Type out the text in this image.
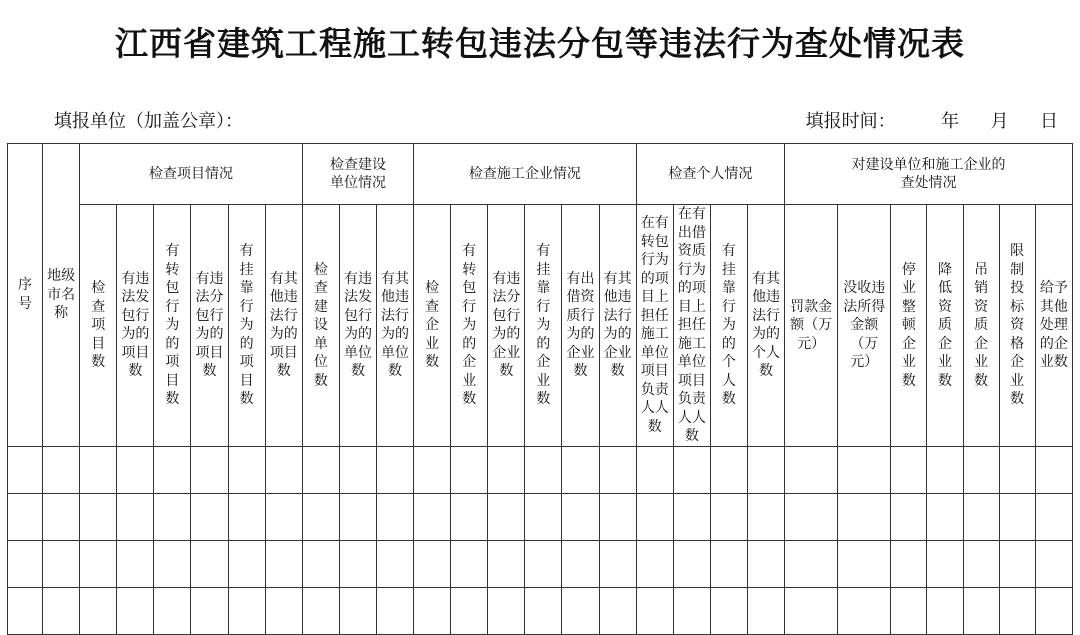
江西省建筑工程施工转包违法分包等违法行为查处情况表
填报单位（加盖公章）：	填报时间：	年 月 日
序号	地级市名称	检查项目情况						检查建设单位情况			检查施工企业情况						检查个人情况				对建设单位和施工企业的查处情况						
		检查项目数	有违法发包行为的项目数	有转包行为的项目数	有违法分包行为的项目数	有挂靠行为的项目数	有其他违法行为的项目数	检查建设单位数	有违法发包行为的单位数	有其他违法行为的单位数	检查企业数	有转包行为的企业数	有违法分包行为的企业数	有挂靠行为的企业数	有出借资质行为的企业数	有其他违法行为的企业数	在有转包行为的项目上担任施工单位项目负责人人数	在有出借资质行为的项目上担任施工单位项目负责人人数	有挂靠行为的个人数	有其他违法行为的个人数	罚款金额（万元）	没收违法所得金额（万元）	停业整顿企业数	降低资质企业数	吊销资质企业数	限制投标资格企业数	给予其他处理的企业数
